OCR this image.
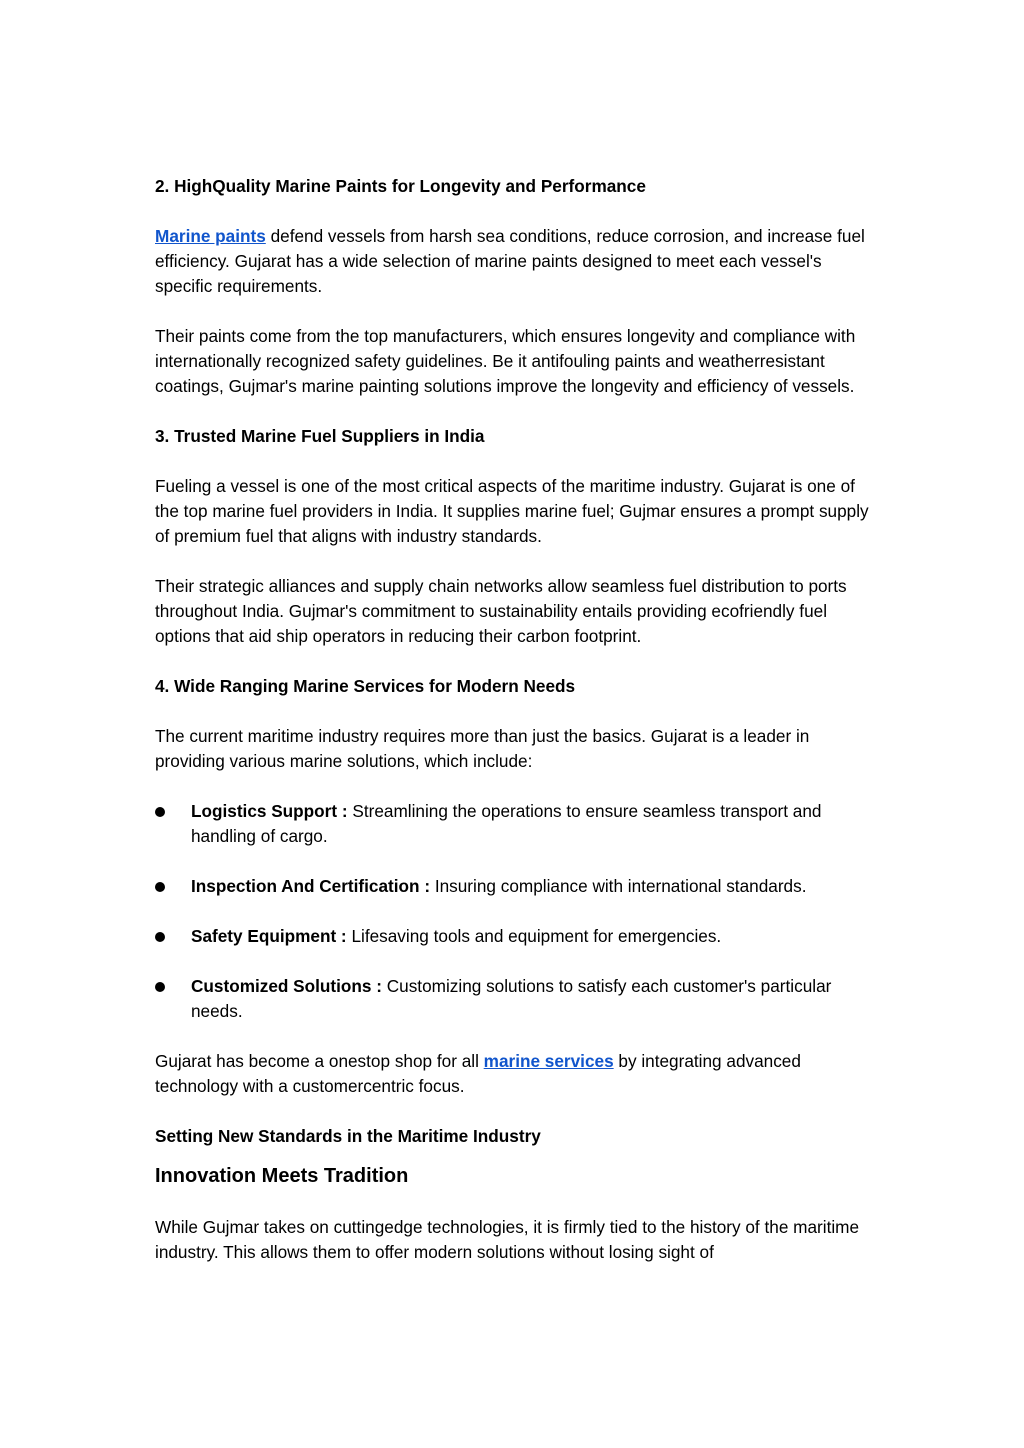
2. HighQuality Marine Paints for Longevity and Performance

Marine paints defend vessels from harsh sea conditions, reduce corrosion, and increase fuel efficiency. Gujarat has a wide selection of marine paints designed to meet each vessel's specific requirements.

Their paints come from the top manufacturers, which ensures longevity and compliance with internationally recognized safety guidelines. Be it antifouling paints and weatherresistant coatings, Gujmar's marine painting solutions improve the longevity and efficiency of vessels.

3. Trusted Marine Fuel Suppliers in India

Fueling a vessel is one of the most critical aspects of the maritime industry. Gujarat is one of the top marine fuel providers in India. It supplies marine fuel; Gujmar ensures a prompt supply of premium fuel that aligns with industry standards.

Their strategic alliances and supply chain networks allow seamless fuel distribution to ports throughout India. Gujmar's commitment to sustainability entails providing ecofriendly fuel options that aid ship operators in reducing their carbon footprint.

4. Wide Ranging Marine Services for Modern Needs

The current maritime industry requires more than just the basics. Gujarat is a leader in providing various marine solutions, which include:

Logistics Support : Streamlining the operations to ensure seamless transport and handling of cargo.
Inspection And Certification : Insuring compliance with international standards.
Safety Equipment : Lifesaving tools and equipment for emergencies.
Customized Solutions : Customizing solutions to satisfy each customer's particular needs.

Gujarat has become a onestop shop for all marine services by integrating advanced technology with a customercentric focus.

Setting New Standards in the Maritime Industry

Innovation Meets Tradition

While Gujmar takes on cuttingedge technologies, it is firmly tied to the history of the maritime industry. This allows them to offer modern solutions without losing sight of
